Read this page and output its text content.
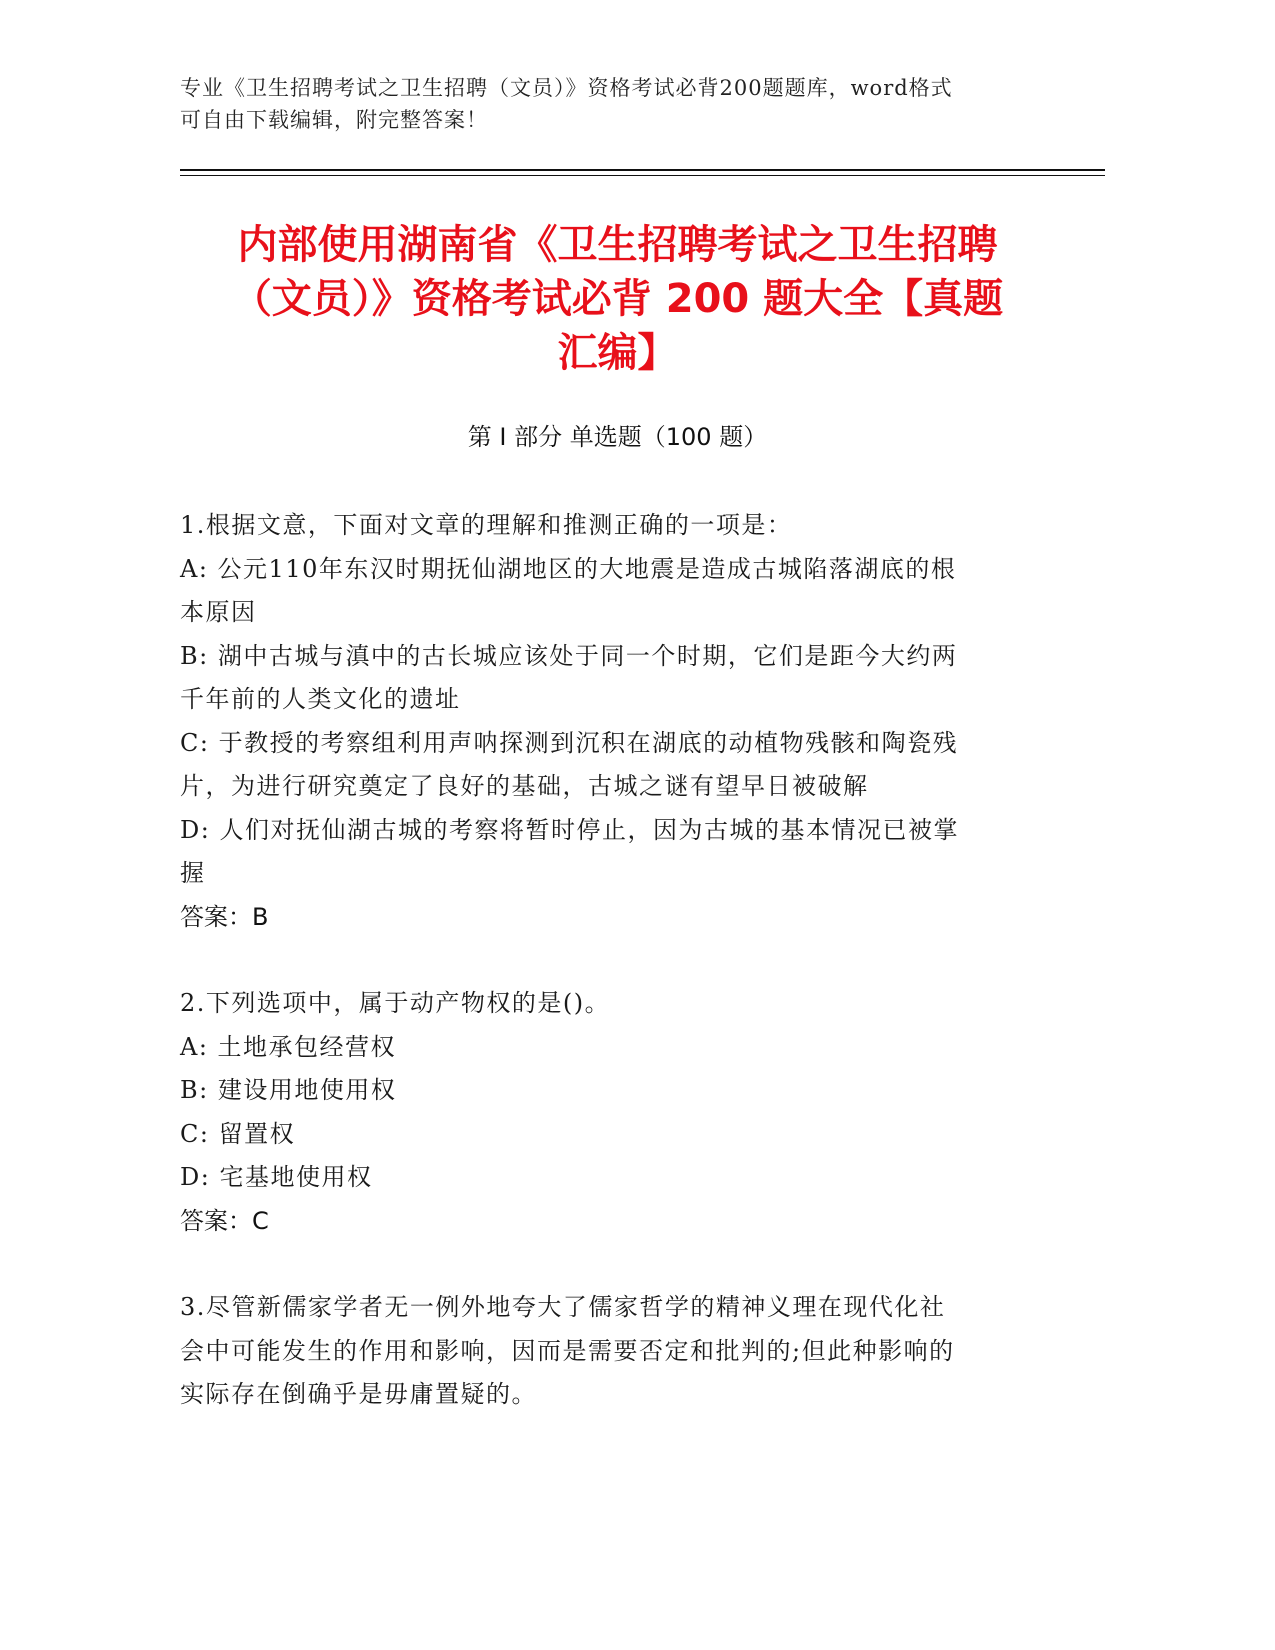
专业《卫生招聘考试之卫生招聘（文员）》资格考试必背200题题库，word格式
可自由下载编辑，附完整答案！
内部使用湖南省《卫生招聘考试之卫生招聘
（文员）》资格考试必背 200 题大全【真题
汇编】
第 I 部分 单选题（100 题）

1.根据文意，下面对文章的理解和推测正确的一项是：

A: 公元110年东汉时期抚仙湖地区的大地震是造成古城陷落湖底的根

本原因

B: 湖中古城与滇中的古长城应该处于同一个时期，它们是距今大约两

千年前的人类文化的遗址

C: 于教授的考察组利用声呐探测到沉积在湖底的动植物残骸和陶瓷残

片，为进行研究奠定了良好的基础，古城之谜有望早日被破解

D: 人们对抚仙湖古城的考察将暂时停止，因为古城的基本情况已被掌

握

答案：B

2.下列选项中，属于动产物权的是()。

A: 土地承包经营权

B: 建设用地使用权

C: 留置权

D: 宅基地使用权

答案：C

3.尽管新儒家学者无一例外地夸大了儒家哲学的精神义理在现代化社

会中可能发生的作用和影响，因而是需要否定和批判的;但此种影响的

实际存在倒确乎是毋庸置疑的。
